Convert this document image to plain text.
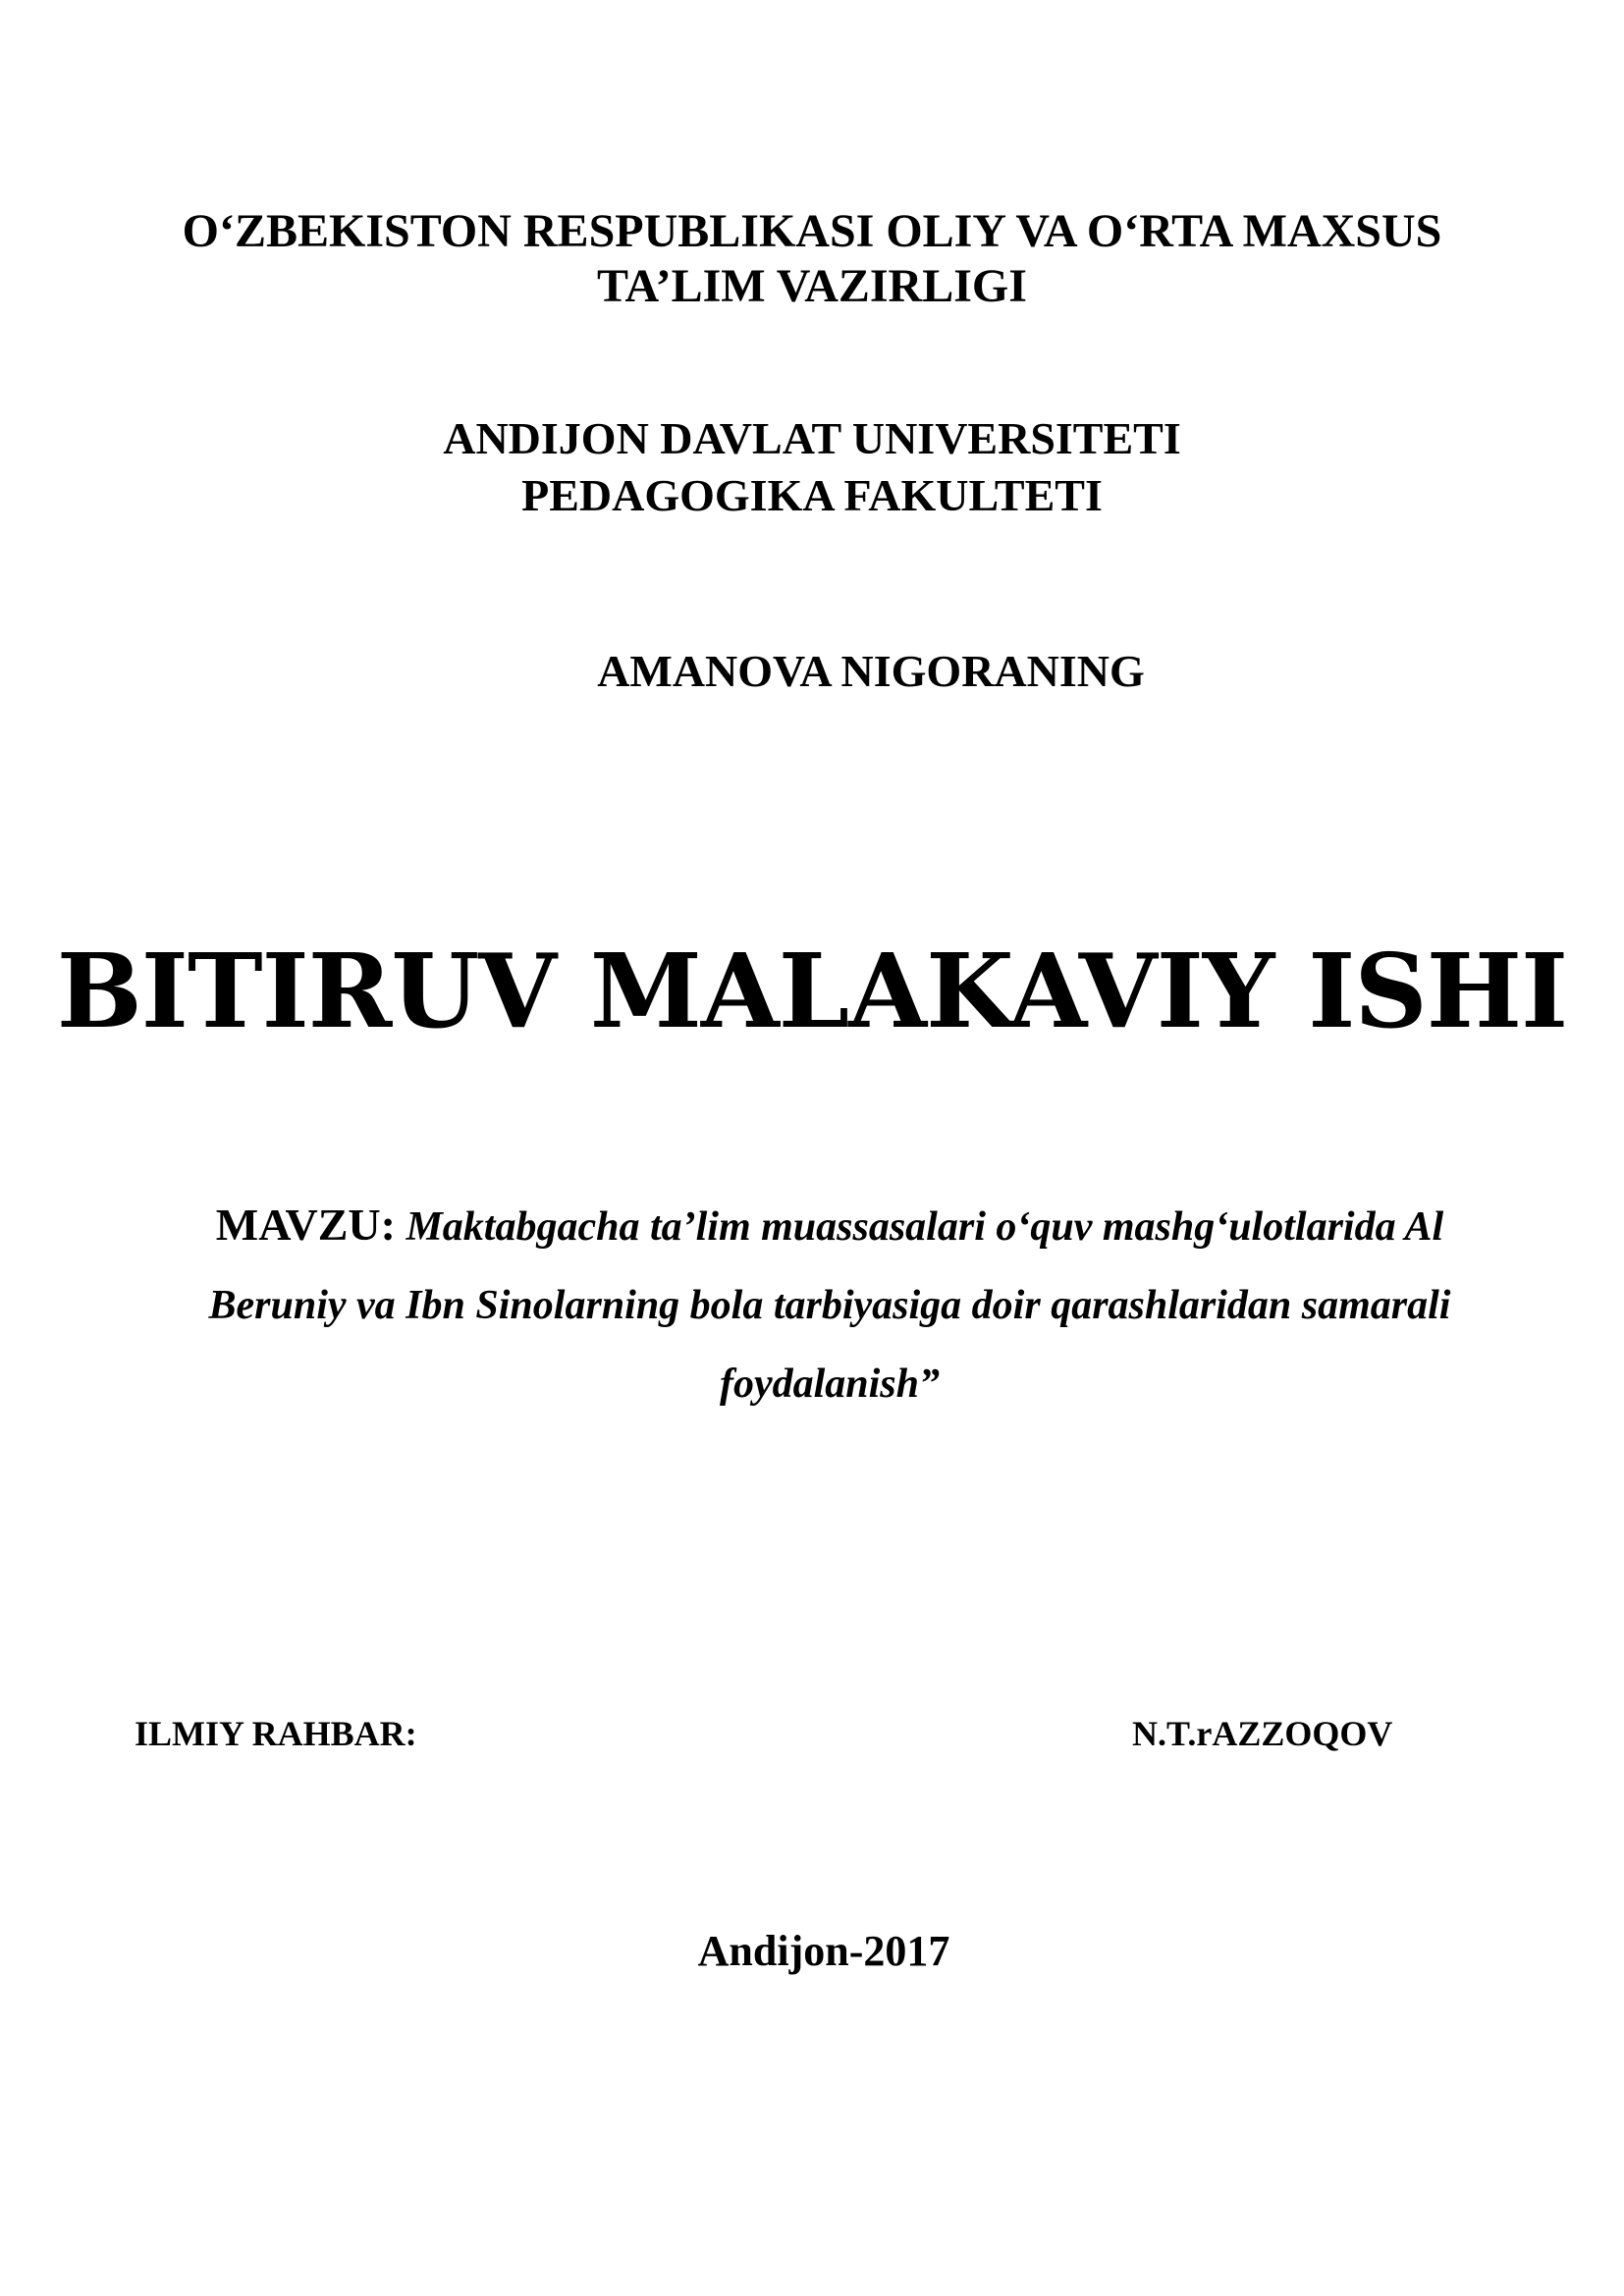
O‘ZBEKISTON RESPUBLIKASI OLIY VA O‘RTA MAXSUS
TA’LIM VAZIRLIGI
ANDIJON DAVLAT UNIVERSITETI
PEDAGOGIKA FAKULTETI
AMANOVA NIGORANING
BITIRUV MALAKAVIY ISHI
MAVZU: Maktabgacha ta’lim muassasalari o‘quv mashg‘ulotlarida Al Beruniy va Ibn Sinolarning bola tarbiyasiga doir qarashlaridan samarali foydalanish”
ILMIY RAHBAR:	N.T.rAZZOQOV
Andijon-2017
